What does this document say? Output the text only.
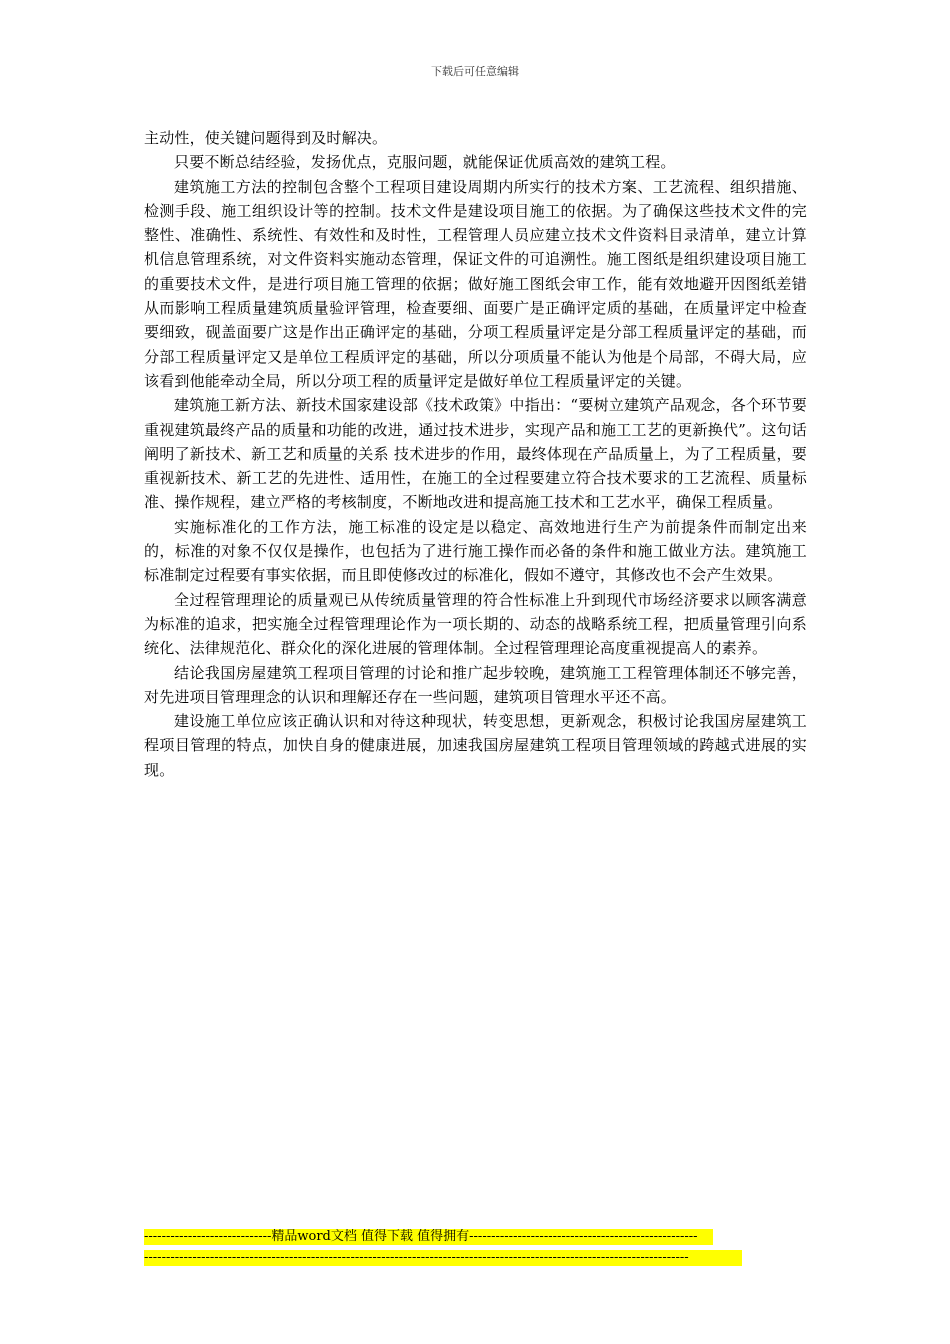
下载后可任意编辑

主动性，使关键问题得到及时解决。

只要不断总结经验，发扬优点，克服问题，就能保证优质高效的建筑工程。

建筑施工方法的控制包含整个工程项目建设周期内所实行的技术方案、工艺流程、组织措施、检测手段、施工组织设计等的控制。技术文件是建设项目施工的依据。为了确保这些技术文件的完整性、准确性、系统性、有效性和及时性，工程管理人员应建立技术文件资料目录清单，建立计算机信息管理系统，对文件资料实施动态管理，保证文件的可追溯性。施工图纸是组织建设项目施工的重要技术文件，是进行项目施工管理的依据；做好施工图纸会审工作，能有效地避开因图纸差错从而影响工程质量建筑质量验评管理，检查要细、面要广是正确评定质的基础，在质量评定中检查要细致，砚盖面要广这是作出正确评定的基础，分项工程质量评定是分部工程质量评定的基础，而分部工程质量评定又是单位工程质评定的基础，所以分项质量不能认为他是个局部，不碍大局，应该看到他能牵动全局，所以分项工程的质量评定是做好单位工程质量评定的关键。

建筑施工新方法、新技术国家建设部《技术政策》中指出：“要树立建筑产品观念，各个环节要重视建筑最终产品的质量和功能的改进，通过技术进步，实现产品和施工工艺的更新换代”。这句话阐明了新技术、新工艺和质量的关系 技术进步的作用，最终体现在产品质量上，为了工程质量，要重视新技术、新工艺的先进性、适用性，在施工的全过程要建立符合技术要求的工艺流程、质量标准、操作规程，建立严格的考核制度，不断地改进和提高施工技术和工艺水平，确保工程质量。

实施标准化的工作方法，施工标准的设定是以稳定、高效地进行生产为前提条件而制定出来的，标准的对象不仅仅是操作，也包括为了进行施工操作而必备的条件和施工做业方法。建筑施工标准制定过程要有事实依据，而且即使修改过的标准化，假如不遵守，其修改也不会产生效果。

全过程管理理论的质量观已从传统质量管理的符合性标准上升到现代市场经济要求以顾客满意为标准的追求，把实施全过程管理理论作为一项长期的、动态的战略系统工程，把质量管理引向系统化、法律规范化、群众化的深化进展的管理体制。全过程管理理论高度重视提高人的素养。

结论我国房屋建筑工程项目管理的讨论和推广起步较晚，建筑施工工程管理体制还不够完善，对先进项目管理理念的认识和理解还存在一些问题，建筑项目管理水平还不高。

建设施工单位应该正确认识和对待这种现状，转变思想，更新观念，积极讨论我国房屋建筑工程项目管理的特点，加快自身的健康进展，加速我国房屋建筑工程项目管理领域的跨越式进展的实现。

-----------------------------精品word文档 值得下载 值得拥有----------------------------------------------------
----------------------------------------------------------------------------------------------------------------------------
